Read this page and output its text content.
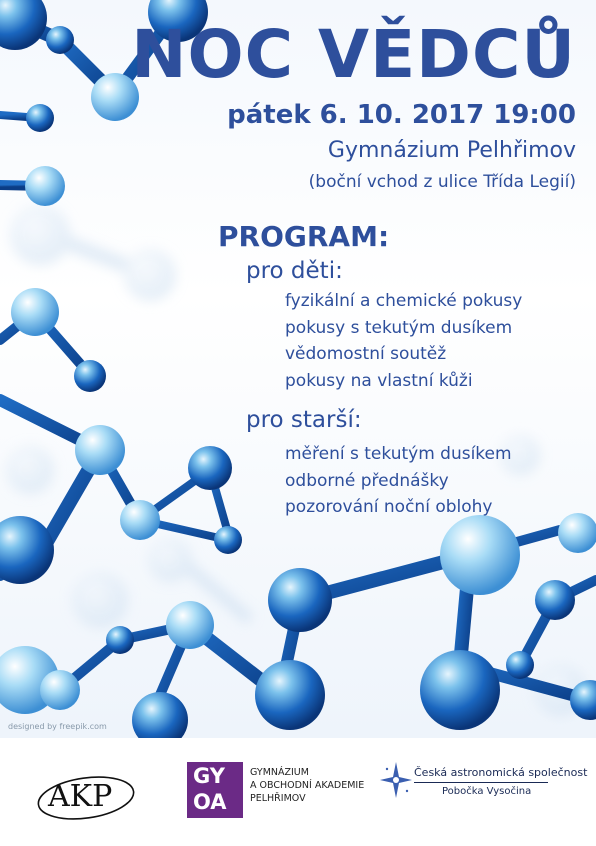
NOC VĚDCŮ
pátek 6. 10. 2017 19:00
Gymnázium Pelhřimov
(boční vchod z ulice Třída Legií)
PROGRAM:
pro děti:
fyzikální a chemické pokusy
pokusy s tekutým dusíkem
vědomostní soutěž
pokusy na vlastní kůži
pro starší:
měření s tekutým dusíkem
odborné přednášky
pozorování noční oblohy
designed by freepik.com
AKP
GY
OA
GYMNÁZIUM
A OBCHODNÍ AKADEMIE
PELHŘIMOV
Česká astronomická společnost
Pobočka Vysočina
